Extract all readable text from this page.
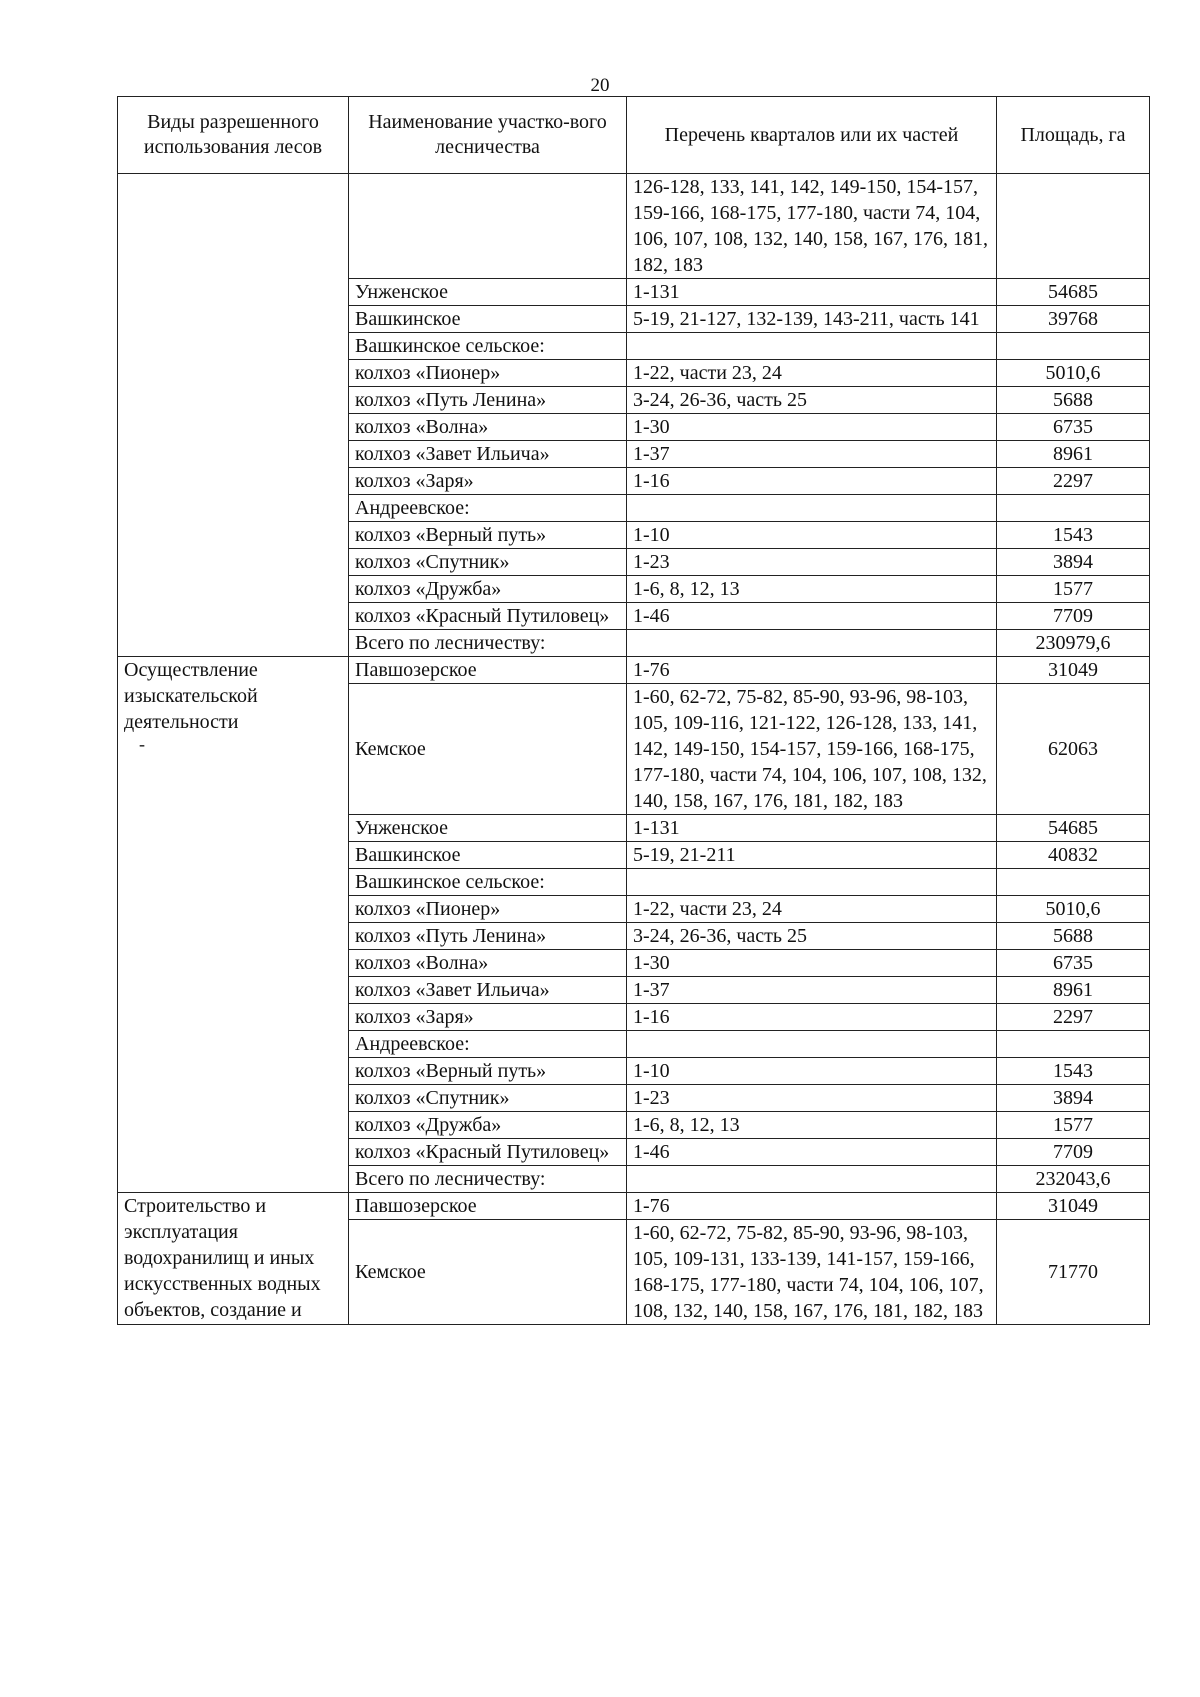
20
-
Виды разрешенного использования лесов	Наименование участко-вого лесничества	Перечень кварталов или их частей	Площадь, га
		126-128, 133, 141, 142, 149-150, 154-157, 159-166, 168-175, 177-180, части 74, 104, 106, 107, 108, 132, 140, 158, 167, 176, 181, 182, 183	
	Унженское	1-131	54685
	Вашкинское	5-19, 21-127, 132-139, 143-211, часть 141	39768
	Вашкинское сельское:		
	колхоз «Пионер»	1-22, части 23, 24	5010,6
	колхоз «Путь Ленина»	3-24, 26-36, часть 25	5688
	колхоз «Волна»	1-30	6735
	колхоз «Завет Ильича»	1-37	8961
	колхоз «Заря»	1-16	2297
	Андреевское:		
	колхоз «Верный путь»	1-10	1543
	колхоз «Спутник»	1-23	3894
	колхоз «Дружба»	1-6, 8, 12, 13	1577
	колхоз «Красный Путиловец»	1-46	7709
	Всего по лесничеству:		230979,6
Осуществление изыскательской деятельности	Павшозерское	1-76	31049
	Кемское	1-60, 62-72, 75-82, 85-90, 93-96, 98-103, 105, 109-116, 121-122, 126-128, 133, 141, 142, 149-150, 154-157, 159-166, 168-175, 177-180, части 74, 104, 106, 107, 108, 132, 140, 158, 167, 176, 181, 182, 183	62063
	Унженское	1-131	54685
	Вашкинское	5-19, 21-211	40832
	Вашкинское сельское:		
	колхоз «Пионер»	1-22, части 23, 24	5010,6
	колхоз «Путь Ленина»	3-24, 26-36, часть 25	5688
	колхоз «Волна»	1-30	6735
	колхоз «Завет Ильича»	1-37	8961
	колхоз «Заря»	1-16	2297
	Андреевское:		
	колхоз «Верный путь»	1-10	1543
	колхоз «Спутник»	1-23	3894
	колхоз «Дружба»	1-6, 8, 12, 13	1577
	колхоз «Красный Путиловец»	1-46	7709
	Всего по лесничеству:		232043,6
Строительство и эксплуатация водохранилищ и иных искусственных водных объектов, создание и	Павшозерское	1-76	31049
	Кемское	1-60, 62-72, 75-82, 85-90, 93-96, 98-103, 105, 109-131, 133-139, 141-157, 159-166, 168-175, 177-180, части 74, 104, 106, 107, 108, 132, 140, 158, 167, 176, 181, 182, 183	71770
